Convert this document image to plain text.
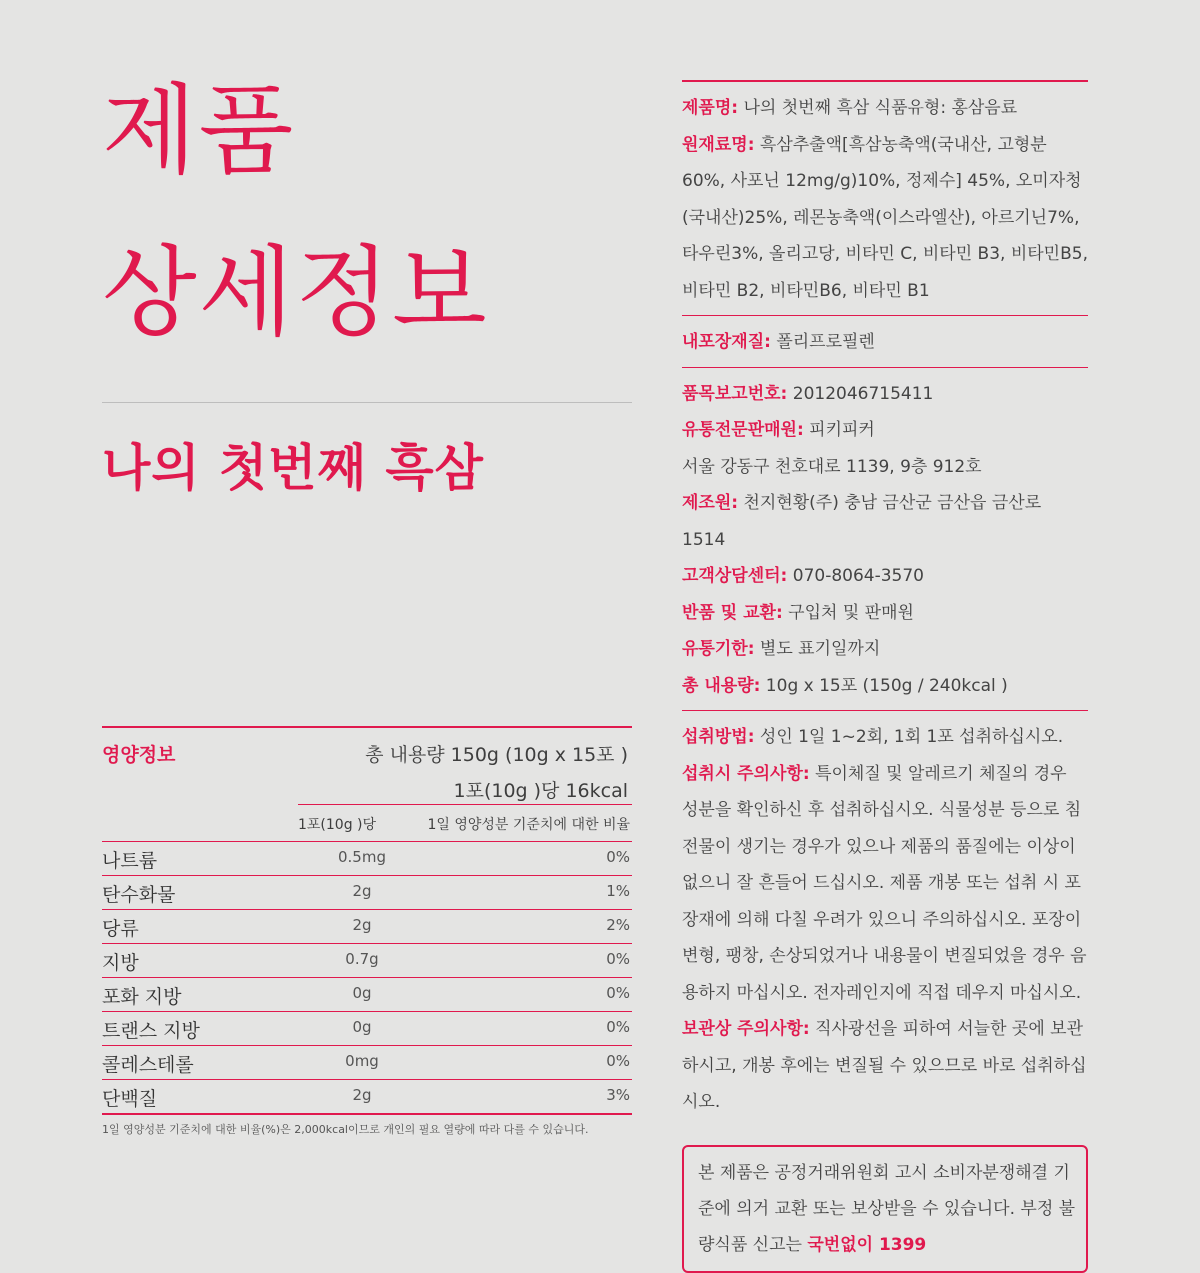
제품
상세정보
나의 첫번째 흑삼
영양정보	총 내용량 150g (10g x 15포 )
1포(10g )당 16kcal
1포(10g )당	1일 영양성분 기준치에 대한 비율
나트륨	0.5mg	0%
탄수화물	2g	1%
당류	2g	2%
지방	0.7g	0%
포화 지방	0g	0%
트랜스 지방	0g	0%
콜레스테롤	0mg	0%
단백질	2g	3%
1일 영양성분 기준치에 대한 비율(%)은 2,000kcal이므로 개인의 필요 열량에 따라 다를 수 있습니다.
제품명: 나의 첫번째 흑삼 식품유형: 홍삼음료
원재료명: 흑삼추출액[흑삼농축액(국내산, 고형분 60%, 사포닌 12mg/g)10%, 정제수] 45%, 오미자청(국내산)25%, 레몬농축액(이스라엘산), 아르기닌7%, 타우린3%, 올리고당, 비타민 C, 비타민 B3, 비타민B5, 비타민 B2, 비타민B6, 비타민 B1
내포장재질: 폴리프로필렌
품목보고번호: 2012046715411
유통전문판매원: 피키피커
서울 강동구 천호대로 1139, 9층 912호
제조원: 천지현황(주) 충남 금산군 금산읍 금산로 1514
고객상담센터: 070-8064-3570
반품 및 교환: 구입처 및 판매원
유통기한: 별도 표기일까지
총 내용량: 10g x 15포 (150g / 240kcal )
섭취방법: 성인 1일 1~2회, 1회 1포 섭취하십시오.
섭취시 주의사항: 특이체질 및 알레르기 체질의 경우 성분을 확인하신 후 섭취하십시오. 식물성분 등으로 침전물이 생기는 경우가 있으나 제품의 품질에는 이상이 없으니 잘 흔들어 드십시오. 제품 개봉 또는 섭취 시 포장재에 의해 다칠 우려가 있으니 주의하십시오. 포장이 변형, 팽창, 손상되었거나 내용물이 변질되었을 경우 음용하지 마십시오. 전자레인지에 직접 데우지 마십시오. 보관상 주의사항: 직사광선을 피하여 서늘한 곳에 보관하시고, 개봉 후에는 변질될 수 있으므로 바로 섭취하십시오.
본 제품은 공정거래위원회 고시 소비자분쟁해결 기준에 의거 교환 또는 보상받을 수 있습니다. 부정 불량식품 신고는 국번없이 1399
